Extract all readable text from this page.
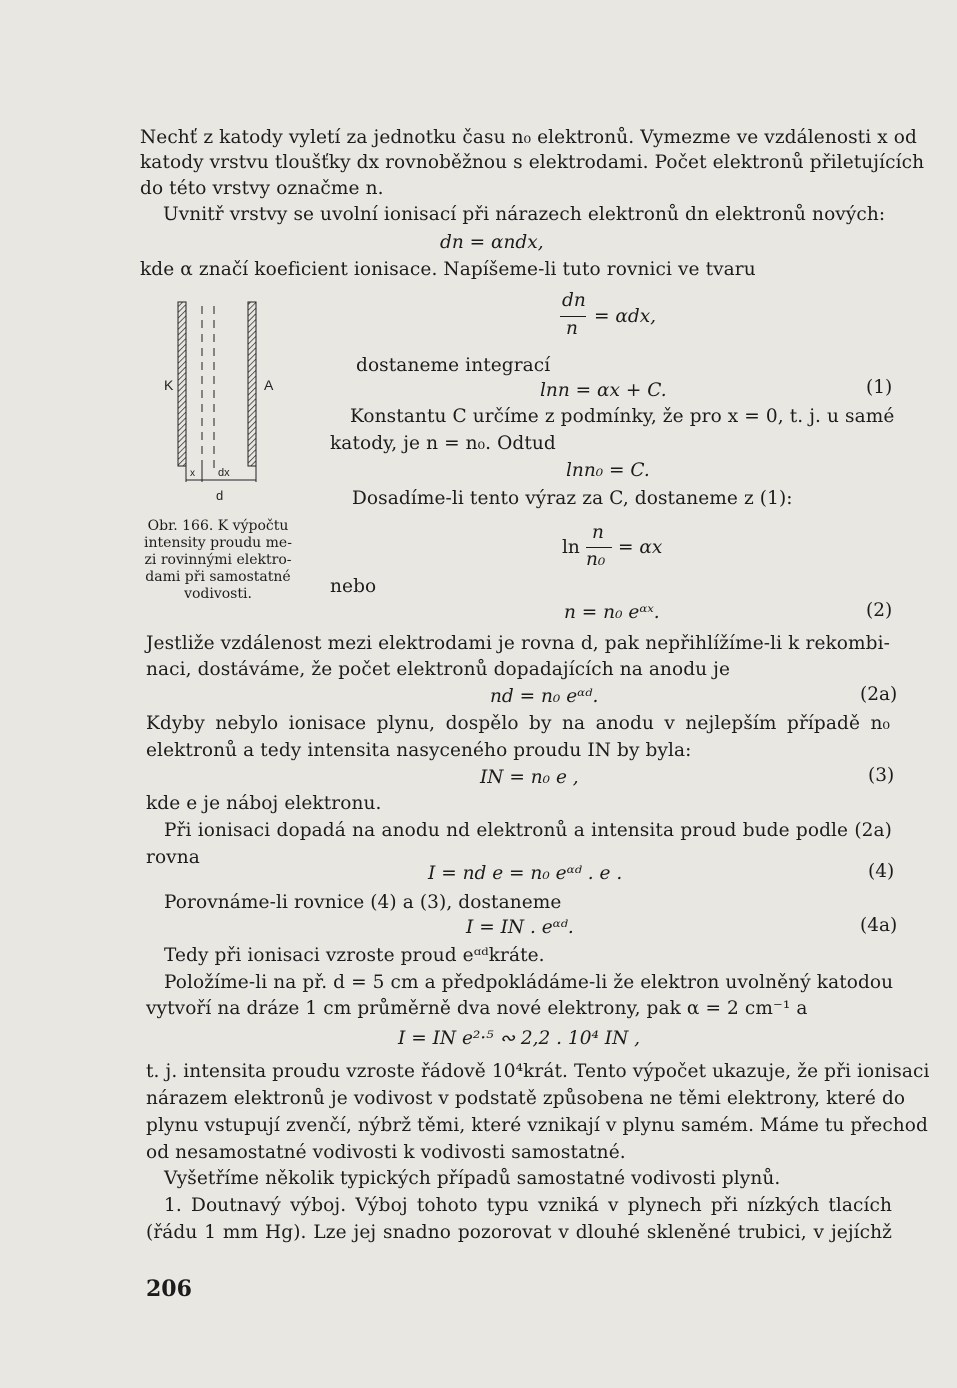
Nechť z katody vyletí za jednotku času n₀ elektronů. Vymezme ve vzdálenosti x od
katody vrstvu tloušťky dx rovnoběžnou s elektrodami. Počet elektronů přiletujících
do této vrstvy označme n.
Uvnitř vrstvy se uvolní ionisací při nárazech elektronů dn elektronů nových:
dn = αndx,
kde α značí koeficient ionisace. Napíšeme-li tuto rovnici ve tvaru
dn
n
= αdx,
dostaneme integrací
lnn = αx + C.	(1)
Konstantu C určíme z podmínky, že pro x = 0, t. j. u samé
katody, je n = n₀. Odtud
lnn₀ = C.
Dosadíme-li tento výraz za C, dostaneme z (1):
ln
n
n₀
= αx
nebo
n = n₀ eᵅˣ.	(2)
Jestliže vzdálenost mezi elektrodami je rovna d, pak nepřihlížíme-li k rekombi-
naci, dostáváme, že počet elektronů dopadajících na anodu je
nd = n₀ eᵅᵈ.	(2a)
Kdyby nebylo ionisace plynu, dospělo by na anodu v nejlepším případě n₀
elektronů a tedy intensita nasyceného proudu IN by byla:
IN = n₀ e ,	(3)
kde e je náboj elektronu.
Při ionisaci dopadá na anodu nd elektronů a intensita proud bude podle (2a)
rovna
I = nd e = n₀ eᵅᵈ . e .	(4)
Porovnáme-li rovnice (4) a (3), dostaneme
I = IN . eᵅᵈ.	(4a)
Tedy při ionisaci vzroste proud eᵅᵈkráte.
Položíme-li na př. d = 5 cm a předpokládáme-li že elektron uvolněný katodou
vytvoří na dráze 1 cm průměrně dva nové elektrony, pak α = 2 cm⁻¹ a
I = IN e²·⁵ ∾ 2,2 . 10⁴ IN ,
t. j. intensita proudu vzroste řádově 10⁴krát. Tento výpočet ukazuje, že při ionisaci
nárazem elektronů je vodivost v podstatě způsobena ne těmi elektrony, které do
plynu vstupují zvenčí, nýbrž těmi, které vznikají v plynu samém. Máme tu přechod
od nesamostatné vodivosti k vodivosti samostatné.
Vyšetříme několik typických případů samostatné vodivosti plynů.
1. Doutnavý výboj. Výboj tohoto typu vzniká v plynech při nízkých tlacích
(řádu 1 mm Hg). Lze jej snadno pozorovat v dlouhé skleněné trubici, v jejíchž
K	A
x dx
d
Obr. 166. K výpočtu
intensity proudu me-
zi rovinnými elektro-
dami při samostatné
vodivosti.
206
